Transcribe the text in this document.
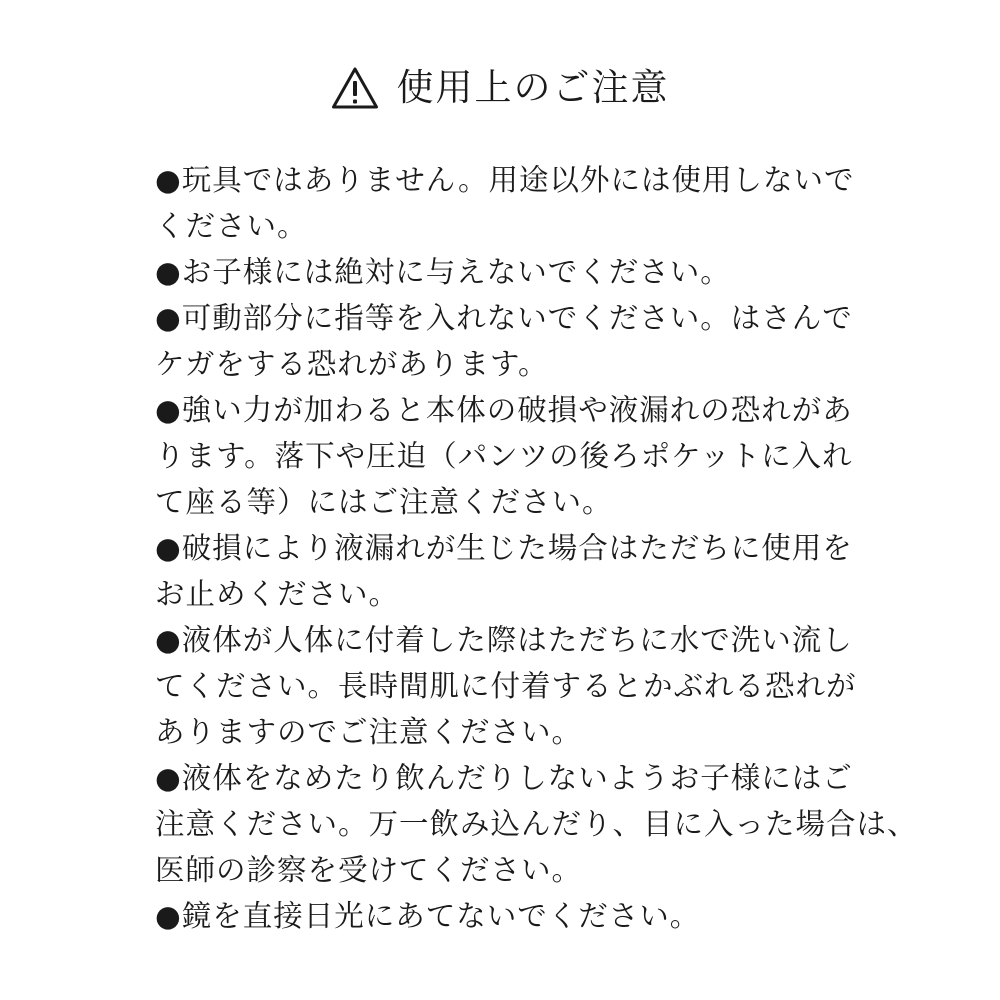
使用上のご注意
●玩具ではありません。用途以外には使用しないで
ください。
●お子様には絶対に与えないでください。
●可動部分に指等を入れないでください。はさんで
ケガをする恐れがあります。
●強い力が加わると本体の破損や液漏れの恐れがあ
ります。落下や圧迫（パンツの後ろポケットに入れ
て座る等）にはご注意ください。
●破損により液漏れが生じた場合はただちに使用を
お止めください。
●液体が人体に付着した際はただちに水で洗い流し
てください。長時間肌に付着するとかぶれる恐れが
ありますのでご注意ください。
●液体をなめたり飲んだりしないようお子様にはご
注意ください。万一飲み込んだり、目に入った場合は、
医師の診察を受けてください。
●鏡を直接日光にあてないでください。
